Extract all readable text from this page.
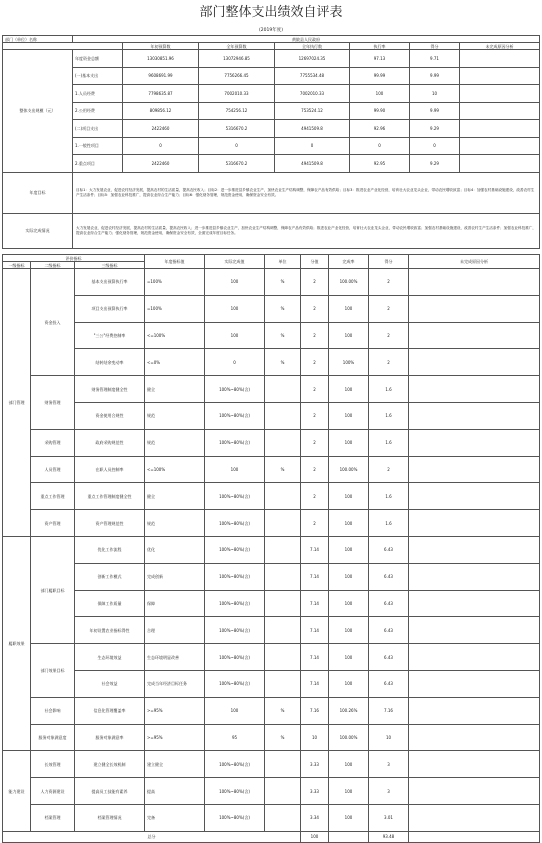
部门整体支出绩效自评表
(2019年度)
部门（单位）名称	黄陂县人民政府						
		年初预算数	全年预算数	全年执行数	执行率	得分	未完成原因分析
整体支出规模（元）	年度资金总额	13030851.96	13072946.85	12697024.35	97.13	9.71	
	(一)基本支出	9608691.99	7756266.45	7755534.48	99.99	9.99	
	1.人员经费	7798635.87	7002010.33	7002010.33	100	10	
	2.公用经费	809856.12	754256.12	753524.12	99.90	9.99	
	(二)项目支出	2422460	5316670.2	4941509.8	92.96	9.29	
	1.一般性项目	0	0	0	0	0	
	2.重点项目	2422460	5316670.2	4941509.8	92.95	9.29	
年度目标	目标1：大力发展农业，促进农村经济发展，提高农村的生活质量，提高农民收入；目标2：进一步推进县乡镇农业生产，加快农业生产结构调整，保障农产品有效供给；目标3：推进农业产业化经营，培育壮大农业龙头企业，带动农民增收致富；目标4：加强农村基础设施建设，改善农村生产生活条件；目标5：加强农业科技推广，提高农业综合生产能力；目标6：强化财务管理，规范资金使用，确保资金安全有效。						
实际完成情况	大力发展农业，促进农村经济发展，提高农村的生活质量，提高农民收入；进一步推进县乡镇农业生产，加快农业生产结构调整，保障农产品有效供给；推进农业产业化经营，培育壮大农业龙头企业，带动农民增收致富；加强农村基础设施建设，改善农村生产生活条件；加强农业科技推广，提高农业综合生产能力；强化财务管理，规范资金使用，确保资金安全有效，全面完成年度目标任务。						
评价指标			年度指标值	实际完成值	单位	分值	完成率	得分	未完成原因分析
一级指标	二级指标	三级指标							
部门管理	资金投入	基本支出预算执行率	=100%	100	%	2	100.00%	2	
		项目支出预算执行率	=100%	100	%	2	100	2	
		"三公"经费控制率	<=100%	100	%	2	100	2	
		结转结余变动率	<=0%	0	%	2	100%	2	
	财务管理	财务管理制度健全性	健全	100%~80%(含)		2	100	1.6	
		资金使用合规性	规范	100%~80%(含)		2	100	1.6	
	采购管理	政府采购规范性	规范	100%~80%(含)		2	100	1.6	
	人员管理	在职人员控制率	<=100%	100	%	2	100.00%	2	
	重点工作管理	重点工作管理制度健全性	健全	100%~80%(含)		2	100	1.6	
	资产管理	资产管理规范性	规范	100%~80%(含)		2	100	1.6	
履职效果	部门履职目标	优化工作流程	优化	100%~80%(含)		7.14	100	6.43	
		创新工作模式	完成创新	100%~80%(含)		7.14	100	6.43	
		保障工作质量	保障	100%~80%(含)		7.14	100	6.43	
		年初设置农业指标得性	合理	100%~80%(含)		7.14	100	6.43	
	部门效果目标	生态环境效益	生态环境明显改善	100%~80%(含)		7.14	100	6.43	
		社会效益	完成当年经济目标任务	100%~80%(含)		7.14	100	6.43	
	社会影响	信息化管理覆盖率	>=95%	100	%	7.16	100.26%	7.16	
	服务对象满意度	服务对象满意率	>=95%	95	%	10	100.00%	10	
能力建设	长效管理	建立健全长效机制	建立健全	100%~80%(含)		3.33	100	3	
	人力资源建设	提高员工技能有素养	提高	100%~80%(含)		3.33	100	3	
	档案管理	档案管理情况	完备	100%~80%(含)		3.34	100	3.01	
总分						100		93.48	
